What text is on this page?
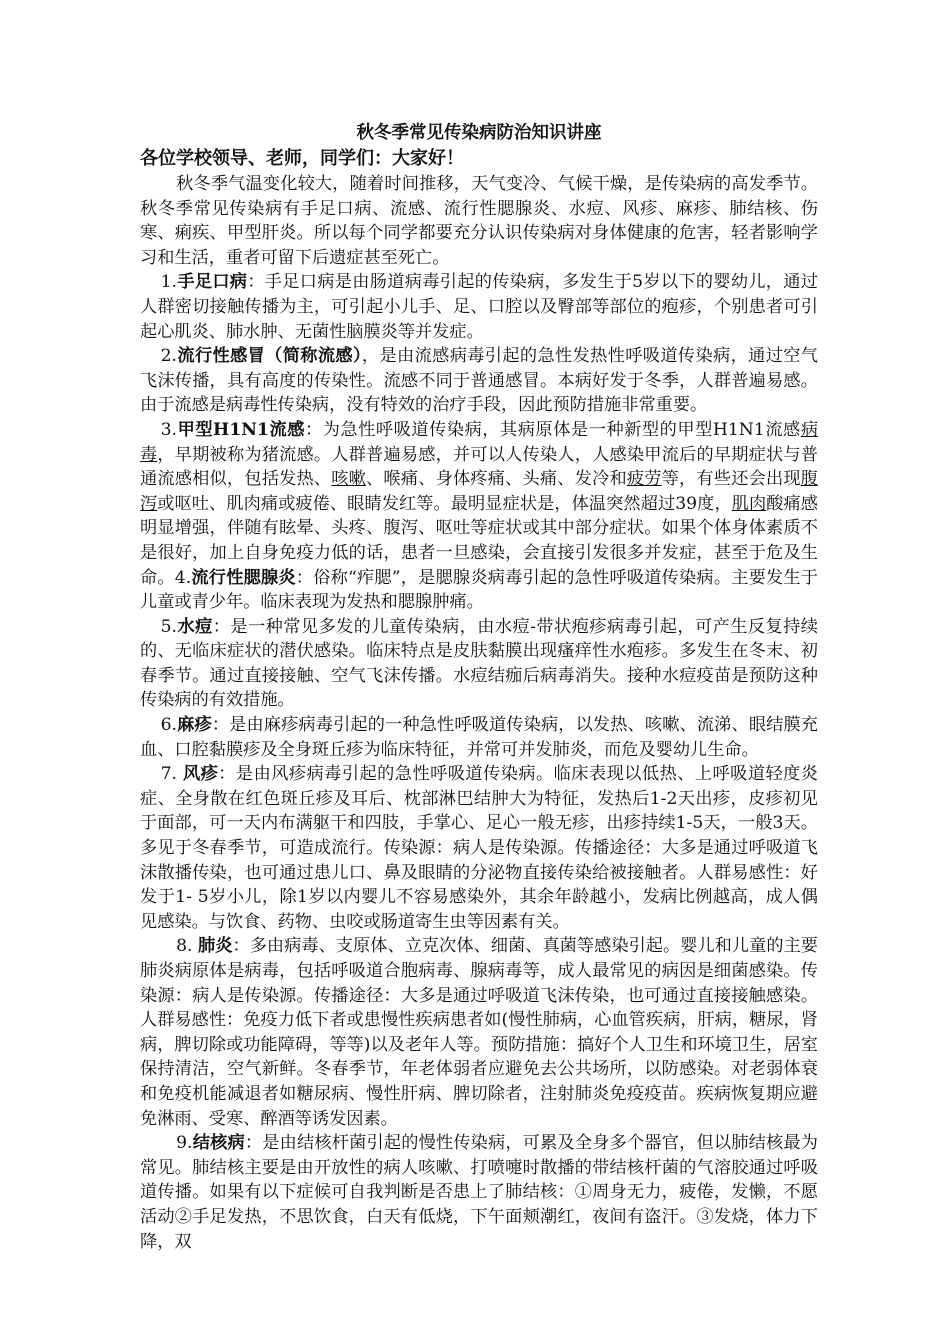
秋冬季常见传染病防治知识讲座

各位学校领导、老师，同学们：大家好！

秋冬季气温变化较大，随着时间推移，天气变冷、气候干燥，是传染病的高发季节。秋冬季常见传染病有手足口病、流感、流行性腮腺炎、水痘、风疹、麻疹、肺结核、伤寒、痢疾、甲型肝炎。所以每个同学都要充分认识传染病对身体健康的危害，轻者影响学习和生活，重者可留下后遗症甚至死亡。

1.手足口病：手足口病是由肠道病毒引起的传染病，多发生于5岁以下的婴幼儿，通过人群密切接触传播为主，可引起小儿手、足、口腔以及臀部等部位的疱疹，个别患者可引起心肌炎、肺水肿、无菌性脑膜炎等并发症。

2.流行性感冒（简称流感），是由流感病毒引起的急性发热性呼吸道传染病，通过空气飞沫传播，具有高度的传染性。流感不同于普通感冒。本病好发于冬季，人群普遍易感。由于流感是病毒性传染病，没有特效的治疗手段，因此预防措施非常重要。

3.甲型H1N1流感：为急性呼吸道传染病，其病原体是一种新型的甲型H1N1流感病毒，早期被称为猪流感。人群普遍易感，并可以人传染人，人感染甲流后的早期症状与普通流感相似，包括发热、咳嗽、喉痛、身体疼痛、头痛、发冷和疲劳等，有些还会出现腹泻或呕吐、肌肉痛或疲倦、眼睛发红等。最明显症状是，体温突然超过39度，肌肉酸痛感明显增强，伴随有眩晕、头疼、腹泻、呕吐等症状或其中部分症状。如果个体身体素质不是很好，加上自身免疫力低的话，患者一旦感染，会直接引发很多并发症，甚至于危及生命。4.流行性腮腺炎：俗称“痄腮”，是腮腺炎病毒引起的急性呼吸道传染病。主要发生于儿童或青少年。临床表现为发热和腮腺肿痛。

5.水痘：是一种常见多发的儿童传染病，由水痘-带状疱疹病毒引起，可产生反复持续的、无临床症状的潜伏感染。临床特点是皮肤黏膜出现瘙痒性水疱疹。多发生在冬末、初春季节。通过直接接触、空气飞沫传播。水痘结痂后病毒消失。接种水痘疫苗是预防这种传染病的有效措施。

6.麻疹：是由麻疹病毒引起的一种急性呼吸道传染病，以发热、咳嗽、流涕、眼结膜充血、口腔黏膜疹及全身斑丘疹为临床特征，并常可并发肺炎，而危及婴幼儿生命。

7. 风疹：是由风疹病毒引起的急性呼吸道传染病。临床表现以低热、上呼吸道轻度炎症、全身散在红色斑丘疹及耳后、枕部淋巴结肿大为特征，发热后1-2天出疹，皮疹初见于面部，可一天内布满躯干和四肢，手掌心、足心一般无疹，出疹持续1-5天，一般3天。多见于冬春季节，可造成流行。传染源：病人是传染源。传播途径：大多是通过呼吸道飞沫散播传染，也可通过患儿口、鼻及眼睛的分泌物直接传染给被接触者。人群易感性：好发于1- 5岁小儿，除1岁以内婴儿不容易感染外，其余年龄越小，发病比例越高，成人偶见感染。与饮食、药物、虫咬或肠道寄生虫等因素有关。

8. 肺炎：多由病毒、支原体、立克次体、细菌、真菌等感染引起。婴儿和儿童的主要肺炎病原体是病毒，包括呼吸道合胞病毒、腺病毒等，成人最常见的病因是细菌感染。传染源：病人是传染源。传播途径：大多是通过呼吸道飞沫传染，也可通过直接接触感染。人群易感性：免疫力低下者或患慢性疾病患者如(慢性肺病，心血管疾病，肝病，糖尿，肾病，脾切除或功能障碍，等等)以及老年人等。预防措施：搞好个人卫生和环境卫生，居室保持清洁，空气新鲜。冬春季节，年老体弱者应避免去公共场所，以防感染。对老弱体衰和免疫机能减退者如糖尿病、慢性肝病、脾切除者，注射肺炎免疫疫苗。疾病恢复期应避免淋雨、受寒、醉酒等诱发因素。

9.结核病：是由结核杆菌引起的慢性传染病，可累及全身多个器官，但以肺结核最为常见。肺结核主要是由开放性的病人咳嗽、打喷嚏时散播的带结核杆菌的气溶胶通过呼吸道传播。如果有以下症候可自我判断是否患上了肺结核：①周身无力，疲倦，发懒，不愿活动②手足发热，不思饮食，白天有低烧，下午面颊潮红，夜间有盗汗。③发烧，体力下降，双
